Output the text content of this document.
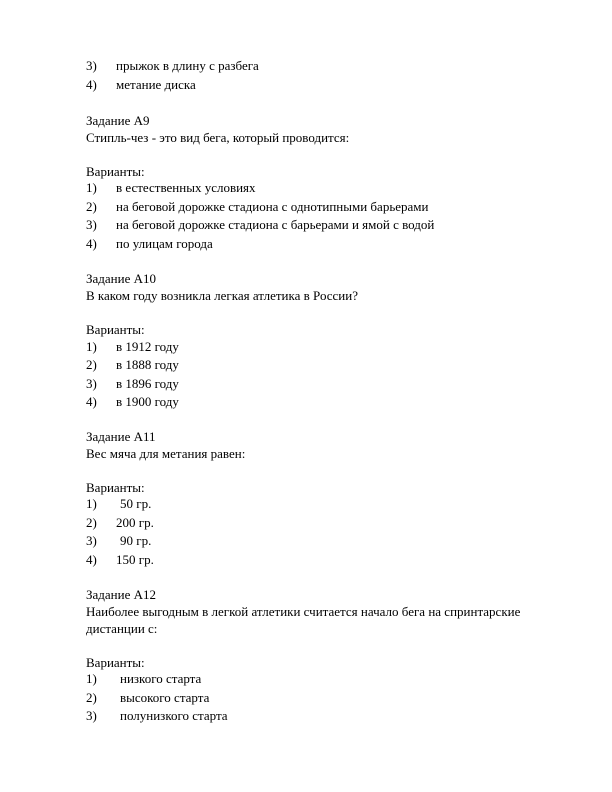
3) прыжок в длину с разбега
4) метание диска
Задание А9
Стипль-чез - это вид бега, который проводится:
Варианты:
1) в естественных условиях
2) на беговой дорожке стадиона с однотипными барьерами
3) на беговой дорожке стадиона с барьерами и ямой с водой
4) по улицам города
Задание А10
В каком году возникла легкая атлетика в России?
Варианты:
1) в 1912 году
2) в 1888 году
3) в 1896 году
4) в 1900 году
Задание А11
Вес мяча для метания равен:
Варианты:
1) 50 гр.
2) 200 гр.
3) 90 гр.
4) 150 гр.
Задание А12
Наиболее выгодным в легкой атлетики считается начало бега на спринтарские
дистанции с:
Варианты:
1) низкого старта
2) высокого старта
3) полунизкого старта
